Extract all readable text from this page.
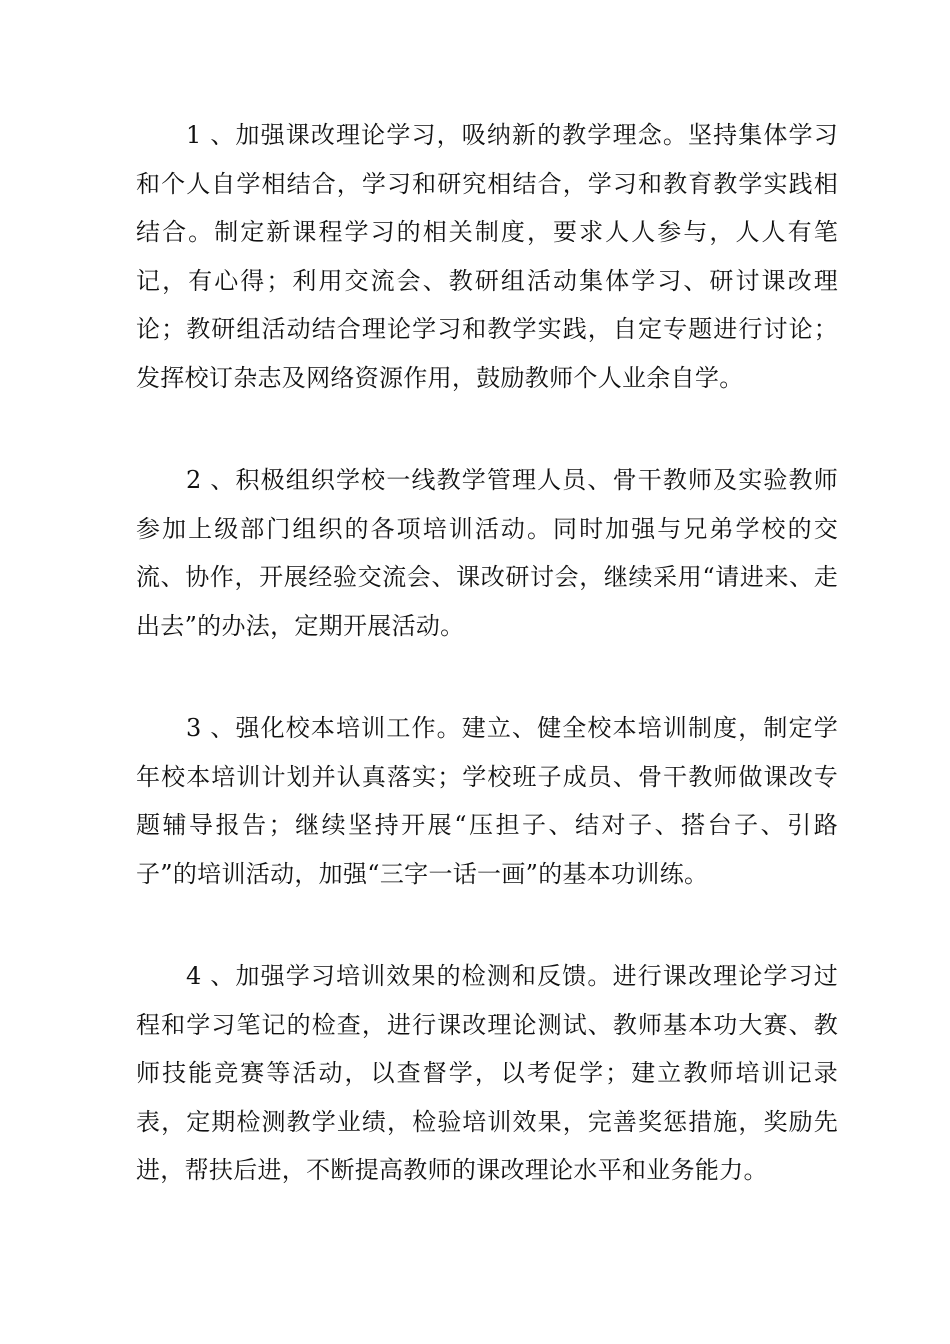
1 、加强课改理论学习，吸纳新的教学理念。坚持集体学习和个人自学相结合，学习和研究相结合，学习和教育教学实践相结合。制定新课程学习的相关制度，要求人人参与，人人有笔记，有心得；利用交流会、教研组活动集体学习、研讨课改理论；教研组活动结合理论学习和教学实践，自定专题进行讨论；发挥校订杂志及网络资源作用，鼓励教师个人业余自学。

2 、积极组织学校一线教学管理人员、骨干教师及实验教师参加上级部门组织的各项培训活动。同时加强与兄弟学校的交流、协作，开展经验交流会、课改研讨会，继续采用“请进来、走出去”的办法，定期开展活动。

3 、强化校本培训工作。建立、健全校本培训制度，制定学年校本培训计划并认真落实；学校班子成员、骨干教师做课改专题辅导报告；继续坚持开展“压担子、结对子、搭台子、引路子”的培训活动，加强“三字一话一画”的基本功训练。

4 、加强学习培训效果的检测和反馈。进行课改理论学习过程和学习笔记的检查，进行课改理论测试、教师基本功大赛、教师技能竞赛等活动，以查督学，以考促学；建立教师培训记录表，定期检测教学业绩，检验培训效果，完善奖惩措施，奖励先进，帮扶后进，不断提高教师的课改理论水平和业务能力。
